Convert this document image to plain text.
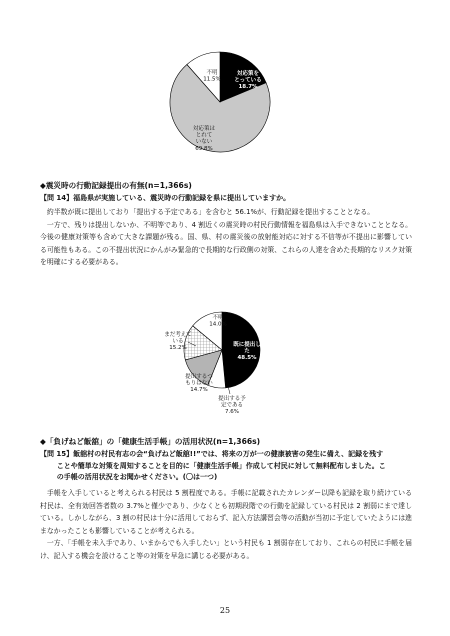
対応策をとっている 18.7%
対応策はとれていない 69.8%
不明 11.5%
◆震災時の行動記録提出の有無(n=1,366s)
【問 14】福島県が実施している、震災時の行動記録を県に提出していますか。

約半数が既に提出しており「提出する予定である」を含むと 56.1%が、行動記録を提出することとなる。

一方で、残りは提出しないか、不明等であり、4 割近くの震災時の村民行動情報を福島県は入手できないこととなる。今後の健康対策等も含めて大きな課題が残る。国、県、村の震災後の放射能対応に対する不信等が不提出に影響している可能性もある。この不提出状況にかんがみ緊急的で長期的な行政側の対策、これらの人達を含めた長期的なリスク対策を明確にする必要がある。

既に提出した 48.5%
提出する予定である 7.6%
提出するつもりはない 14.7%
まだ考えている 15.2%
不明 14.0%
◆「負げねど飯舘」の「健康生活手帳」の活用状況(n=1,366s)
【問 15】飯舘村の村民有志の会“負げねど飯舘!!”では、将来の万が一の健康被害の発生に備え、記録を残す
ことや簡単な対策を周知することを目的に「健康生活手帳」作成して村民に対して無料配布しました。こ
の手帳の活用状況をお聞かせください。(〇は一つ)

手帳を入手していると考えられる村民は 5 割程度である。手帳に記載されたカレンダー以降も記録を取り続けている村民は、全有効回答者数の 3.7%と僅少であり、少なくとも初期段階での行動を記録している村民は 2 割弱にまで達している。しかしながら、3 割の村民は十分に活用しておらず、記入方法講習会等の活動が当初に予定していたようには進まなかったことも影響していることが考えられる。

一方、「手帳を未入手であり、いまからでも入手したい」という村民も 1 割弱存在しており、これらの村民に手帳を届け、記入する機会を設けること等の対策を早急に講じる必要がある。

25
